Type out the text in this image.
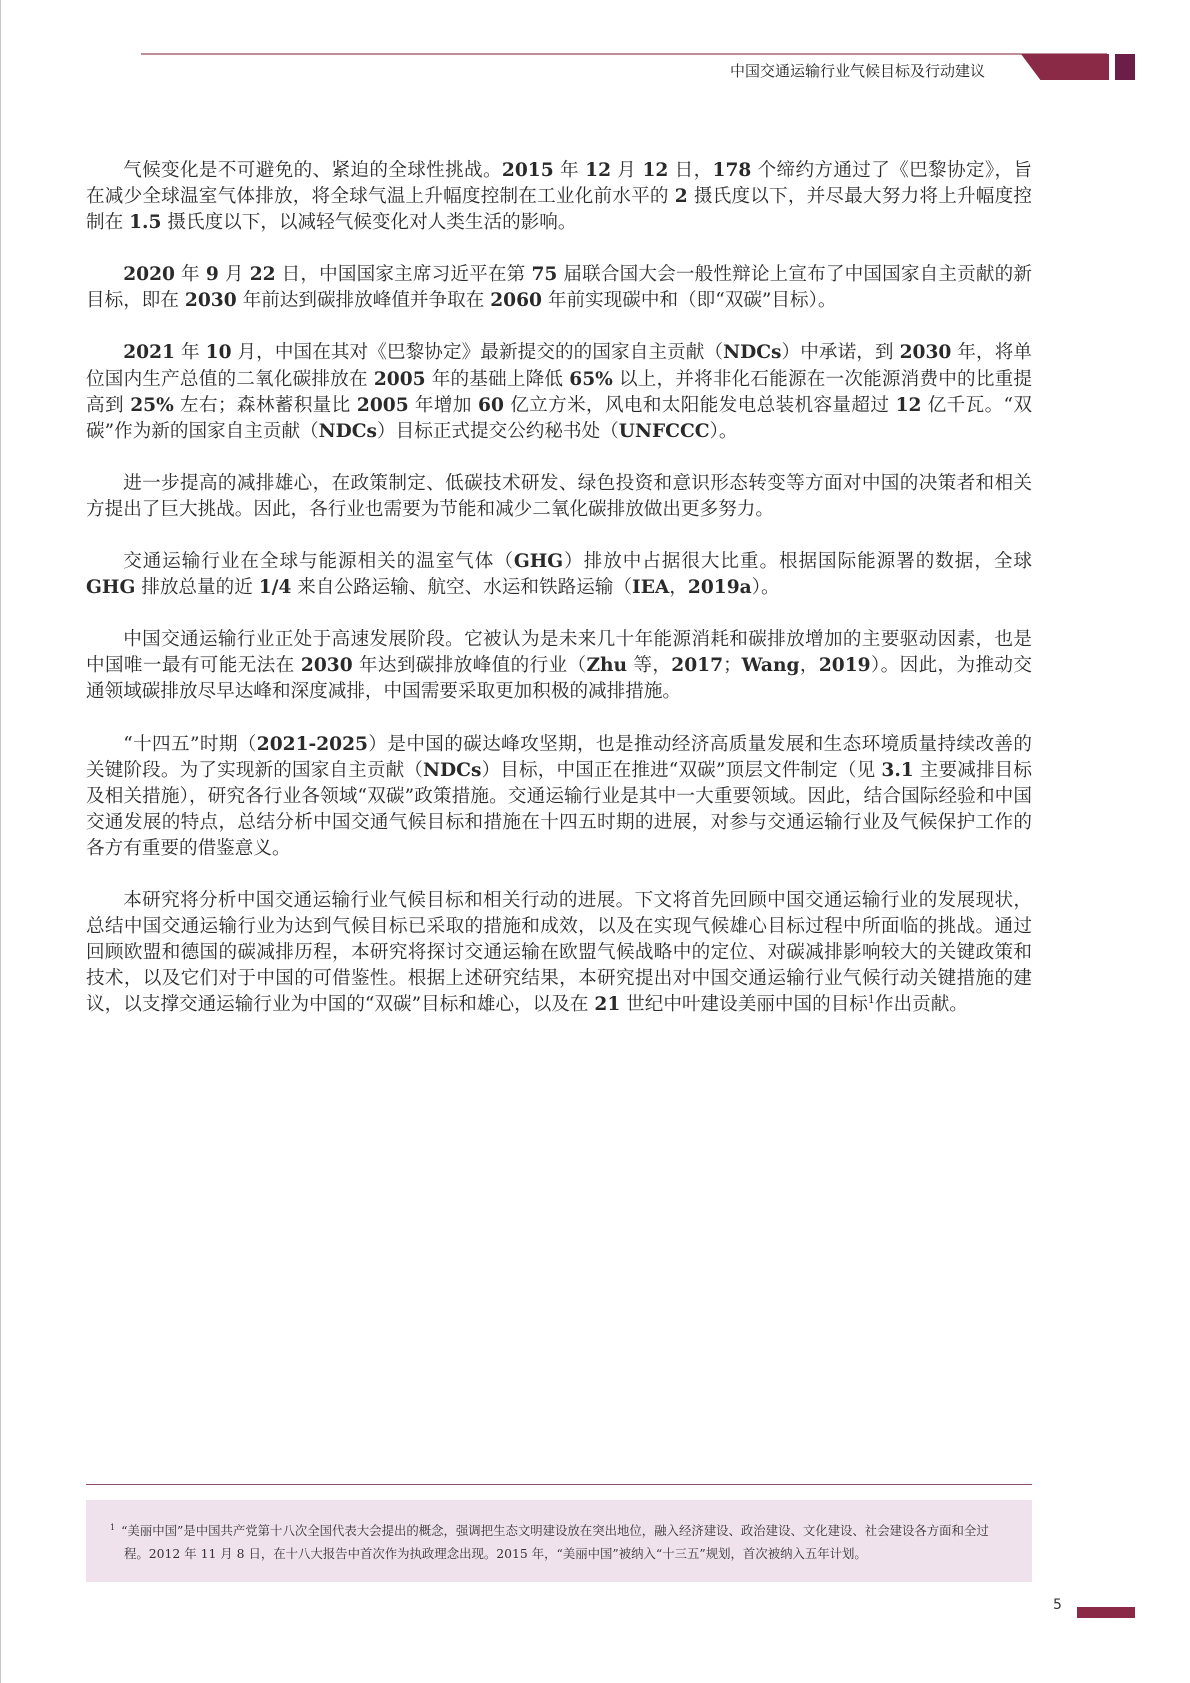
中国交通运输行业气候目标及行动建议

气候变化是不可避免的、紧迫的全球性挑战。2015 年 12 月 12 日，178 个缔约方通过了《巴黎协定》，旨在减少全球温室气体排放，将全球气温上升幅度控制在工业化前水平的 2 摄氏度以下，并尽最大努力将上升幅度控制在 1.5 摄氏度以下，以减轻气候变化对人类生活的影响。

2020 年 9 月 22 日，中国国家主席习近平在第 75 届联合国大会一般性辩论上宣布了中国国家自主贡献的新目标，即在 2030 年前达到碳排放峰值并争取在 2060 年前实现碳中和（即“双碳”目标）。

2021 年 10 月，中国在其对《巴黎协定》最新提交的的国家自主贡献（NDCs）中承诺，到 2030 年，将单位国内生产总值的二氧化碳排放在 2005 年的基础上降低 65% 以上，并将非化石能源在一次能源消费中的比重提高到 25% 左右；森林蓄积量比 2005 年增加 60 亿立方米，风电和太阳能发电总装机容量超过 12 亿千瓦。“双碳”作为新的国家自主贡献（NDCs）目标正式提交公约秘书处（UNFCCC）。

进一步提高的减排雄心，在政策制定、低碳技术研发、绿色投资和意识形态转变等方面对中国的决策者和相关方提出了巨大挑战。因此，各行业也需要为节能和减少二氧化碳排放做出更多努力。

交通运输行业在全球与能源相关的温室气体（GHG）排放中占据很大比重。根据国际能源署的数据，全球 GHG 排放总量的近 1/4 来自公路运输、航空、水运和铁路运输（IEA，2019a）。

中国交通运输行业正处于高速发展阶段。它被认为是未来几十年能源消耗和碳排放增加的主要驱动因素，也是中国唯一最有可能无法在 2030 年达到碳排放峰值的行业（Zhu 等，2017；Wang，2019）。因此，为推动交通领域碳排放尽早达峰和深度减排，中国需要采取更加积极的减排措施。

“十四五”时期（2021-2025）是中国的碳达峰攻坚期，也是推动经济高质量发展和生态环境质量持续改善的关键阶段。为了实现新的国家自主贡献（NDCs）目标，中国正在推进“双碳”顶层文件制定（见 3.1 主要减排目标及相关措施），研究各行业各领域“双碳”政策措施。交通运输行业是其中一大重要领域。因此，结合国际经验和中国交通发展的特点，总结分析中国交通气候目标和措施在十四五时期的进展，对参与交通运输行业及气候保护工作的各方有重要的借鉴意义。

本研究将分析中国交通运输行业气候目标和相关行动的进展。下文将首先回顾中国交通运输行业的发展现状，总结中国交通运输行业为达到气候目标已采取的措施和成效，以及在实现气候雄心目标过程中所面临的挑战。通过回顾欧盟和德国的碳减排历程，本研究将探讨交通运输在欧盟气候战略中的定位、对碳减排影响较大的关键政策和技术，以及它们对于中国的可借鉴性。根据上述研究结果，本研究提出对中国交通运输行业气候行动关键措施的建议，以支撑交通运输行业为中国的“双碳”目标和雄心，以及在 21 世纪中叶建设美丽中国的目标$^1$作出贡献。

$^1$ “美丽中国”是中国共产党第十八次全国代表大会提出的概念，强调把生态文明建设放在突出地位，融入经济建设、政治建设、文化建设、社会建设各方面和全过程。2012 年 11 月 8 日，在十八大报告中首次作为执政理念出现。2015 年，“美丽中国”被纳入“十三五”规划，首次被纳入五年计划。
5
